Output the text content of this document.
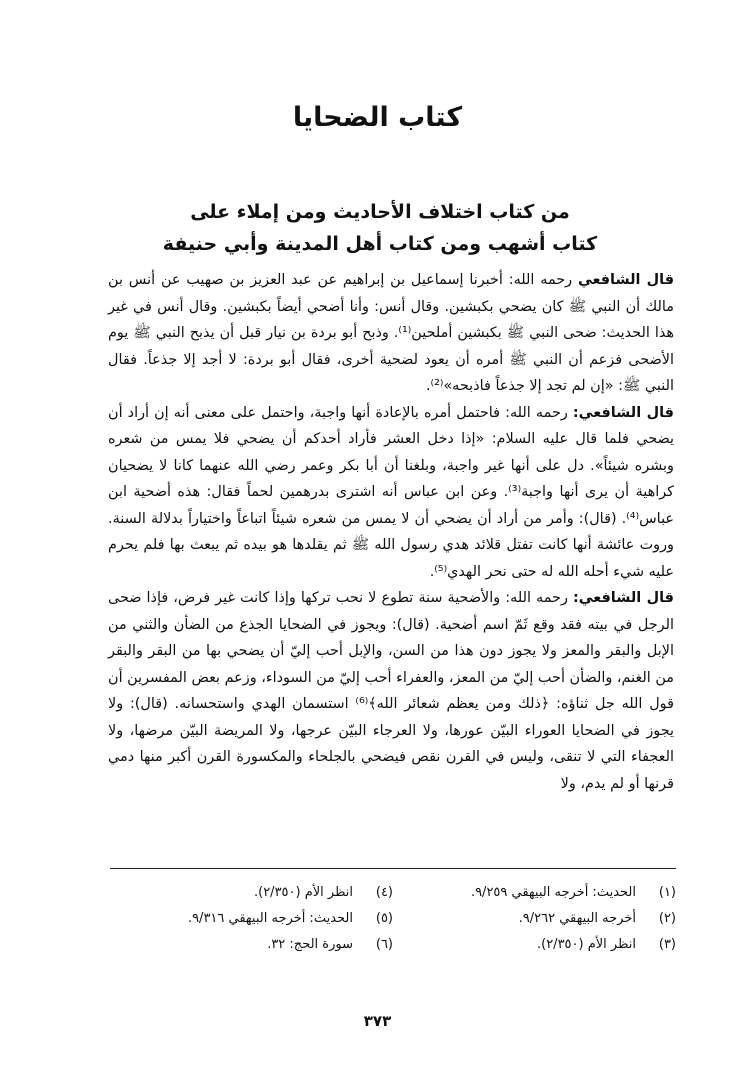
كتاب الضحايا
من كتاب اختلاف الأحاديث ومن إملاء على
كتاب أشهب ومن كتاب أهل المدينة وأبي حنيفة

قال الشافعي رحمه الله: أخبرنا إسماعيل بن إبراهيم عن عبد العزيز بن صهيب عن أنس بن مالك أن النبي ﷺ كان يضحي بكبشين. وقال أنس: وأنا أضحي أيضاً بكبشين. وقال أنس في غير هذا الحديث: ضحى النبي ﷺ بكبشين أملحين⁽¹⁾. وذبح أبو بردة بن نيار قبل أن يذبح النبي ﷺ يوم الأضحى فزعم أن النبي ﷺ أمره أن يعود لضحية أخرى، فقال أبو بردة: لا أجد إلا جذعاً. فقال النبي ﷺ: «إن لم تجد إلا جذعاً فاذبحه»⁽²⁾.

قال الشافعي: رحمه الله: فاحتمل أمره بالإعادة أنها واجبة، واحتمل على معنى أنه إن أراد أن يضحي فلما قال عليه السلام: «إذا دخل العشر فأراد أحدكم أن يضحي فلا يمس من شعره وبشره شيئاً». دل على أنها غير واجبة، وبلغنا أن أبا بكر وعمر رضي الله عنهما كانا لا يضحيان كراهية أن يرى أنها واجبة⁽³⁾. وعن ابن عباس أنه اشترى بدرهمين لحماً فقال: هذه أضحية ابن عباس⁽⁴⁾. (قال): وأمر من أراد أن يضحي أن لا يمس من شعره شيئاً اتباعاً واختياراً بدلالة السنة. وروت عائشة أنها كانت تفتل قلائد هدي رسول الله ﷺ ثم يقلدها هو بيده ثم يبعث بها فلم يحرم عليه شيء أحله الله له حتى نحر الهدي⁽⁵⁾.

قال الشافعي: رحمه الله: والأضحية سنة تطوع لا نحب تركها وإذا كانت غير فرض، فإذا ضحى الرجل في بيته فقد وقع ثَمّ اسم أضحية. (قال): ويجوز في الضحايا الجذع من الضأن والثني من الإبل والبقر والمعز ولا يجوز دون هذا من السن، والإبل أحب إليّ أن يضحي بها من البقر والبقر من الغنم، والضأن أحب إليّ من المعز، والعفراء أحب إليّ من السوداء، وزعم بعض المفسرين أن قول الله جل ثناؤه: ﴿ذلك ومن يعظم شعائر الله﴾⁽⁶⁾ استسمان الهدي واستحسانه. (قال): ولا يجوز في الضحايا العوراء البيّن عورها، ولا العرجاء البيّن عرجها، ولا المريضة البيّن مرضها، ولا العجفاء التي لا تنقى، وليس في القرن نقص فيضحي بالجلحاء والمكسورة القرن أكبر منها دمي قرنها أو لم يدم، ولا

(١)الحديث: أخرجه البيهقي ٩/٢٥٩.
(٤)انظر الأم (٢/٣٥٠).
(٢)أخرجه البيهقي ٩/٢٦٢.
(٥)الحديث: أخرجه البيهقي ٩/٣١٦.
(٣)انظر الأم (٢/٣٥٠).
(٦)سورة الحج: ٣٢.
٣٧٣
